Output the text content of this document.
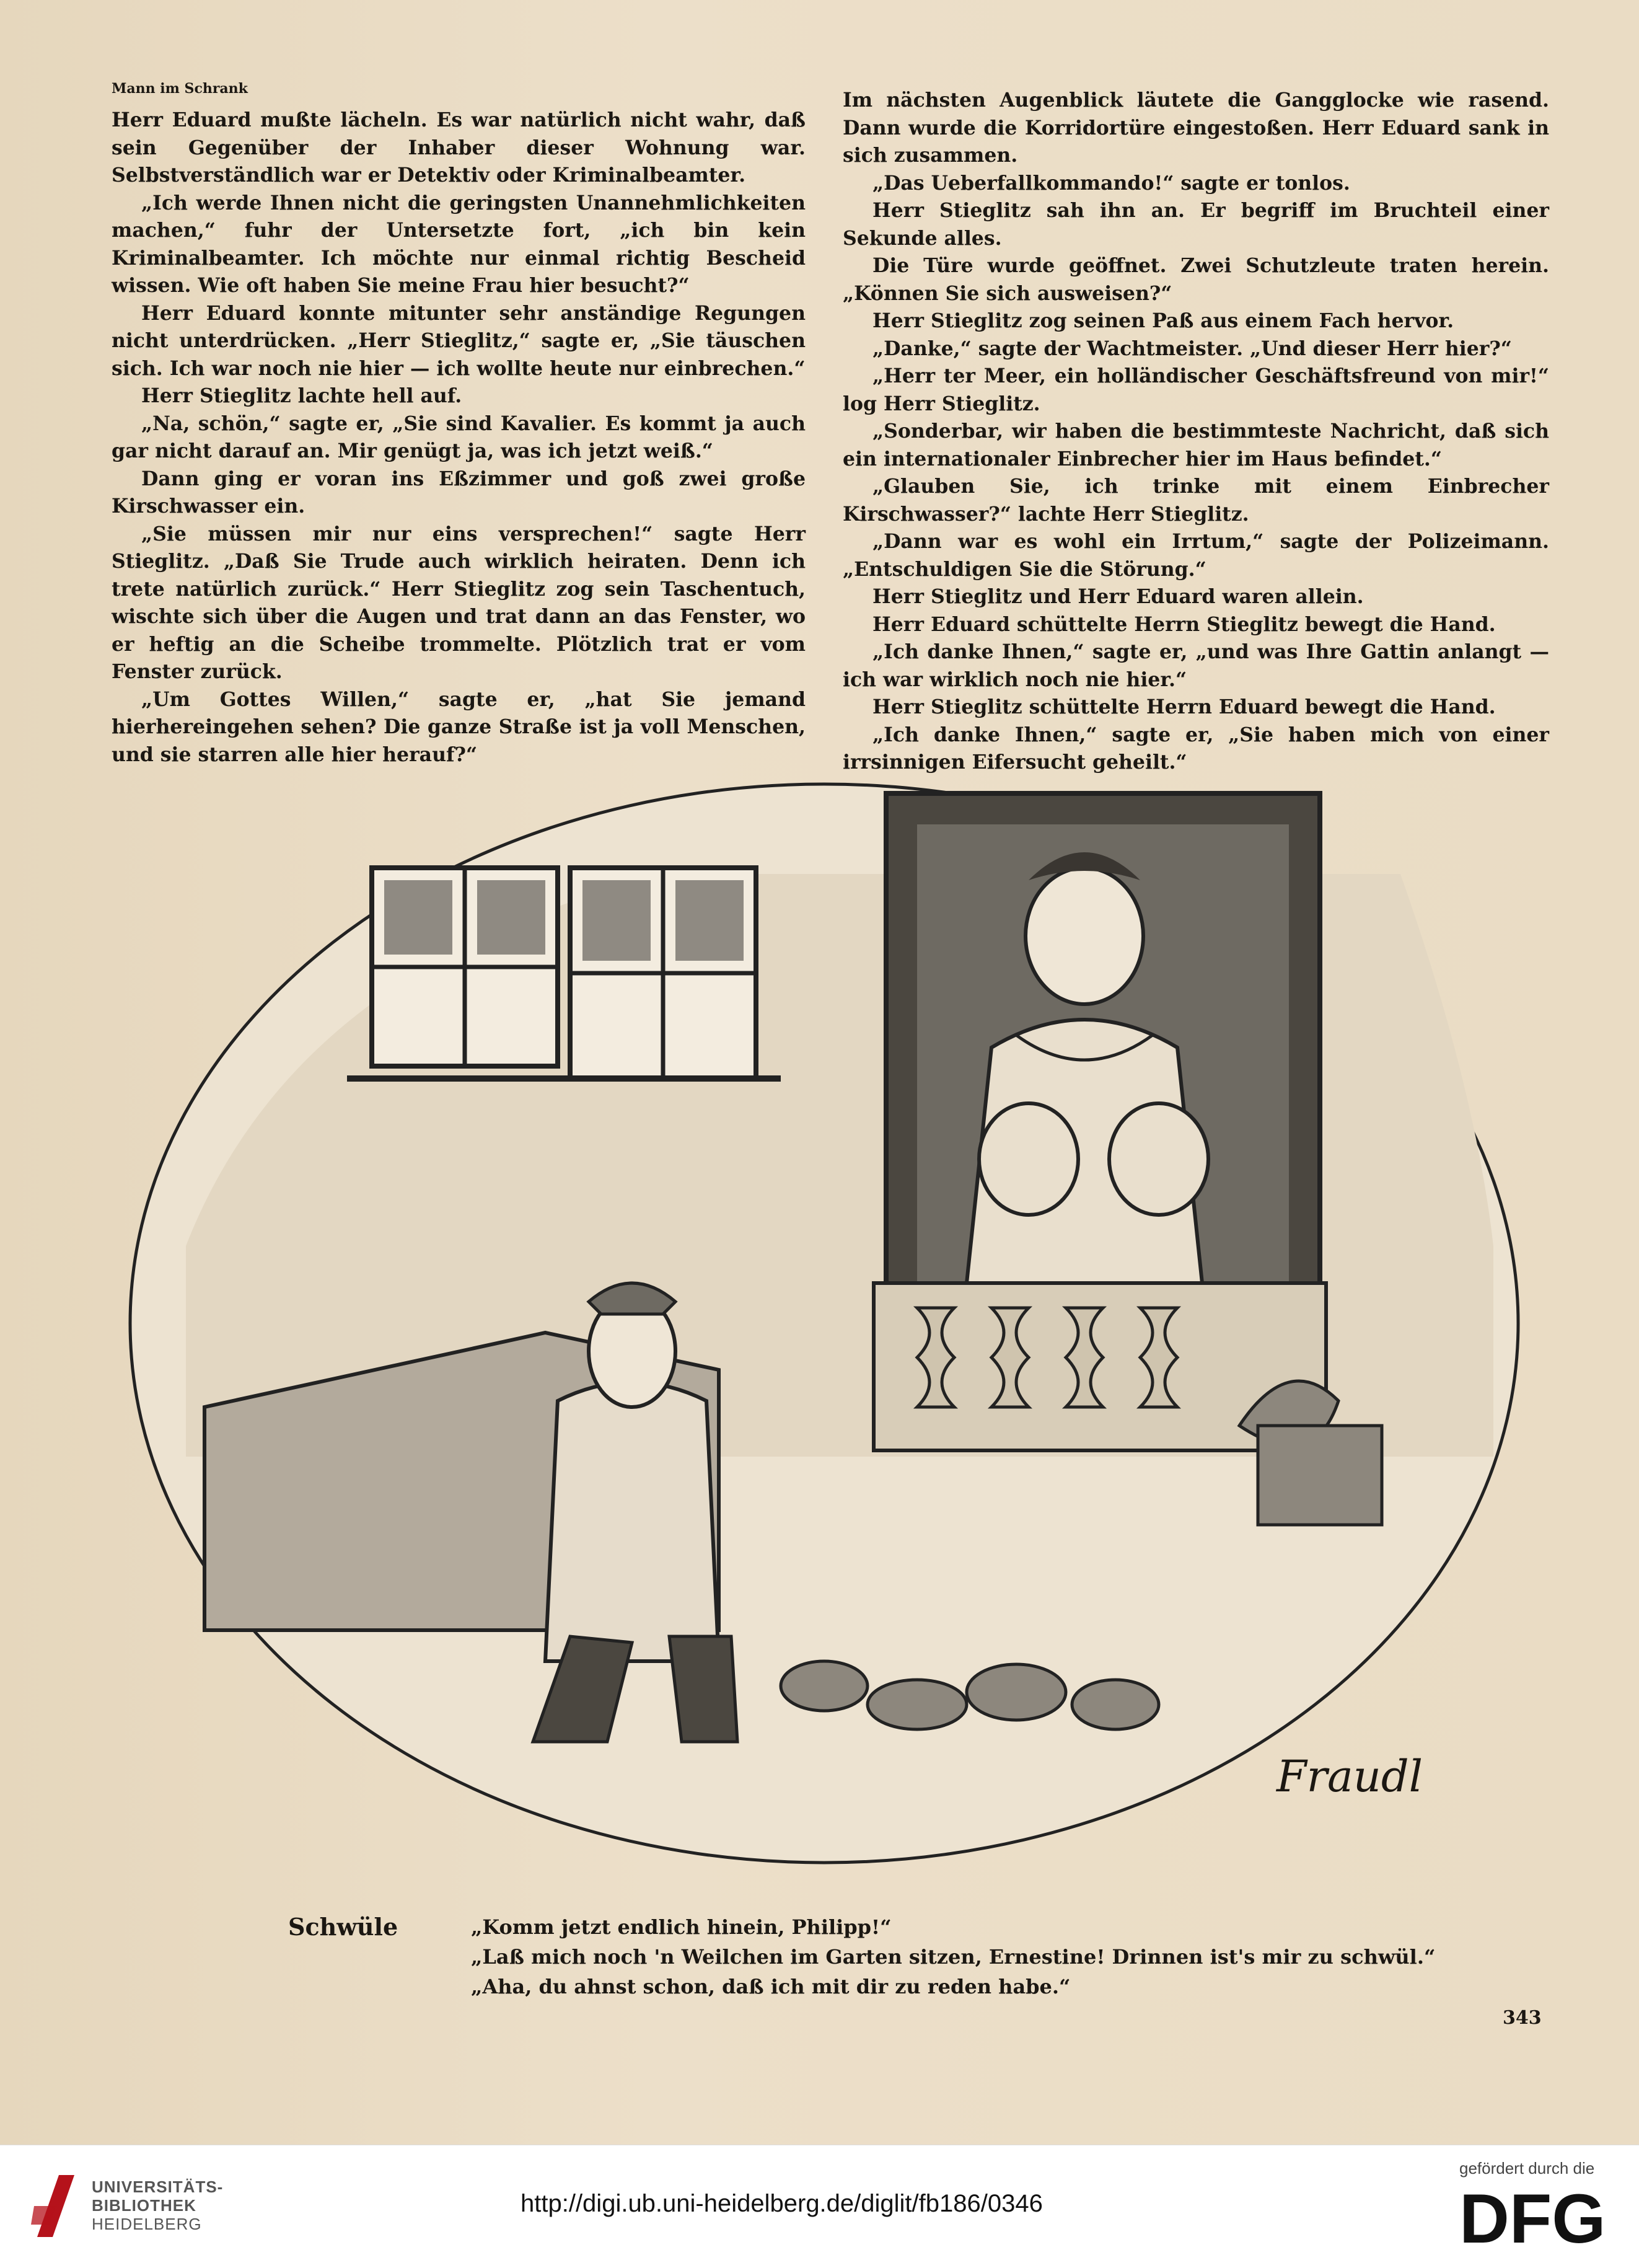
Mann im Schrank

Herr Eduard mußte lächeln. Es war natürlich nicht wahr, daß sein Gegenüber der Inhaber dieser Wohnung war. Selbstverständlich war er Detektiv oder Kriminalbeamter.

„Ich werde Ihnen nicht die geringsten Unannehmlichkeiten machen,“ fuhr der Untersetzte fort, „ich bin kein Kriminalbeamter. Ich möchte nur einmal richtig Bescheid wissen. Wie oft haben Sie meine Frau hier besucht?“

Herr Eduard konnte mitunter sehr anständige Regungen nicht unterdrücken. „Herr Stieglitz,“ sagte er, „Sie täuschen sich. Ich war noch nie hier — ich wollte heute nur einbrechen.“

Herr Stieglitz lachte hell auf.

„Na, schön,“ sagte er, „Sie sind Kavalier. Es kommt ja auch gar nicht darauf an. Mir genügt ja, was ich jetzt weiß.“

Dann ging er voran ins Eßzimmer und goß zwei große Kirschwasser ein.

„Sie müssen mir nur eins versprechen!“ sagte Herr Stieglitz. „Daß Sie Trude auch wirklich heiraten. Denn ich trete natürlich zurück.“ Herr Stieglitz zog sein Taschentuch, wischte sich über die Augen und trat dann an das Fenster, wo er heftig an die Scheibe trommelte. Plötzlich trat er vom Fenster zurück.

„Um Gottes Willen,“ sagte er, „hat Sie jemand hierhereingehen sehen? Die ganze Straße ist ja voll Menschen, und sie starren alle hier herauf?“

Im nächsten Augenblick läutete die Gangglocke wie rasend. Dann wurde die Korridortüre eingestoßen. Herr Eduard sank in sich zusammen.

„Das Ueberfallkommando!“ sagte er tonlos.

Herr Stieglitz sah ihn an. Er begriff im Bruchteil einer Sekunde alles.

Die Türe wurde geöffnet. Zwei Schutzleute traten herein. „Können Sie sich ausweisen?“

Herr Stieglitz zog seinen Paß aus einem Fach hervor.

„Danke,“ sagte der Wachtmeister. „Und dieser Herr hier?“

„Herr ter Meer, ein holländischer Geschäftsfreund von mir!“ log Herr Stieglitz.

„Sonderbar, wir haben die bestimmteste Nachricht, daß sich ein internationaler Einbrecher hier im Haus befindet.“

„Glauben Sie, ich trinke mit einem Einbrecher Kirschwasser?“ lachte Herr Stieglitz.

„Dann war es wohl ein Irrtum,“ sagte der Polizeimann. „Entschuldigen Sie die Störung.“

Herr Stieglitz und Herr Eduard waren allein.

Herr Eduard schüttelte Herrn Stieglitz bewegt die Hand.

„Ich danke Ihnen,“ sagte er, „und was Ihre Gattin anlangt — ich war wirklich noch nie hier.“

Herr Stieglitz schüttelte Herrn Eduard bewegt die Hand.

„Ich danke Ihnen,“ sagte er, „Sie haben mich von einer irrsinnigen Eifersucht geheilt.“

Fraudl
Schwüle	„Komm jetzt endlich hinein, Philipp!“
„Laß mich noch 'n Weilchen im Garten sitzen, Ernestine! Drinnen ist's mir zu schwül.“
„Aha, du ahnst schon, daß ich mit dir zu reden habe.“
343
UNIVERSITÄTS-
BIBLIOTHEK
HEIDELBERG
http://digi.ub.uni-heidelberg.de/diglit/fb186/0346
gefördert durch die
DFG
